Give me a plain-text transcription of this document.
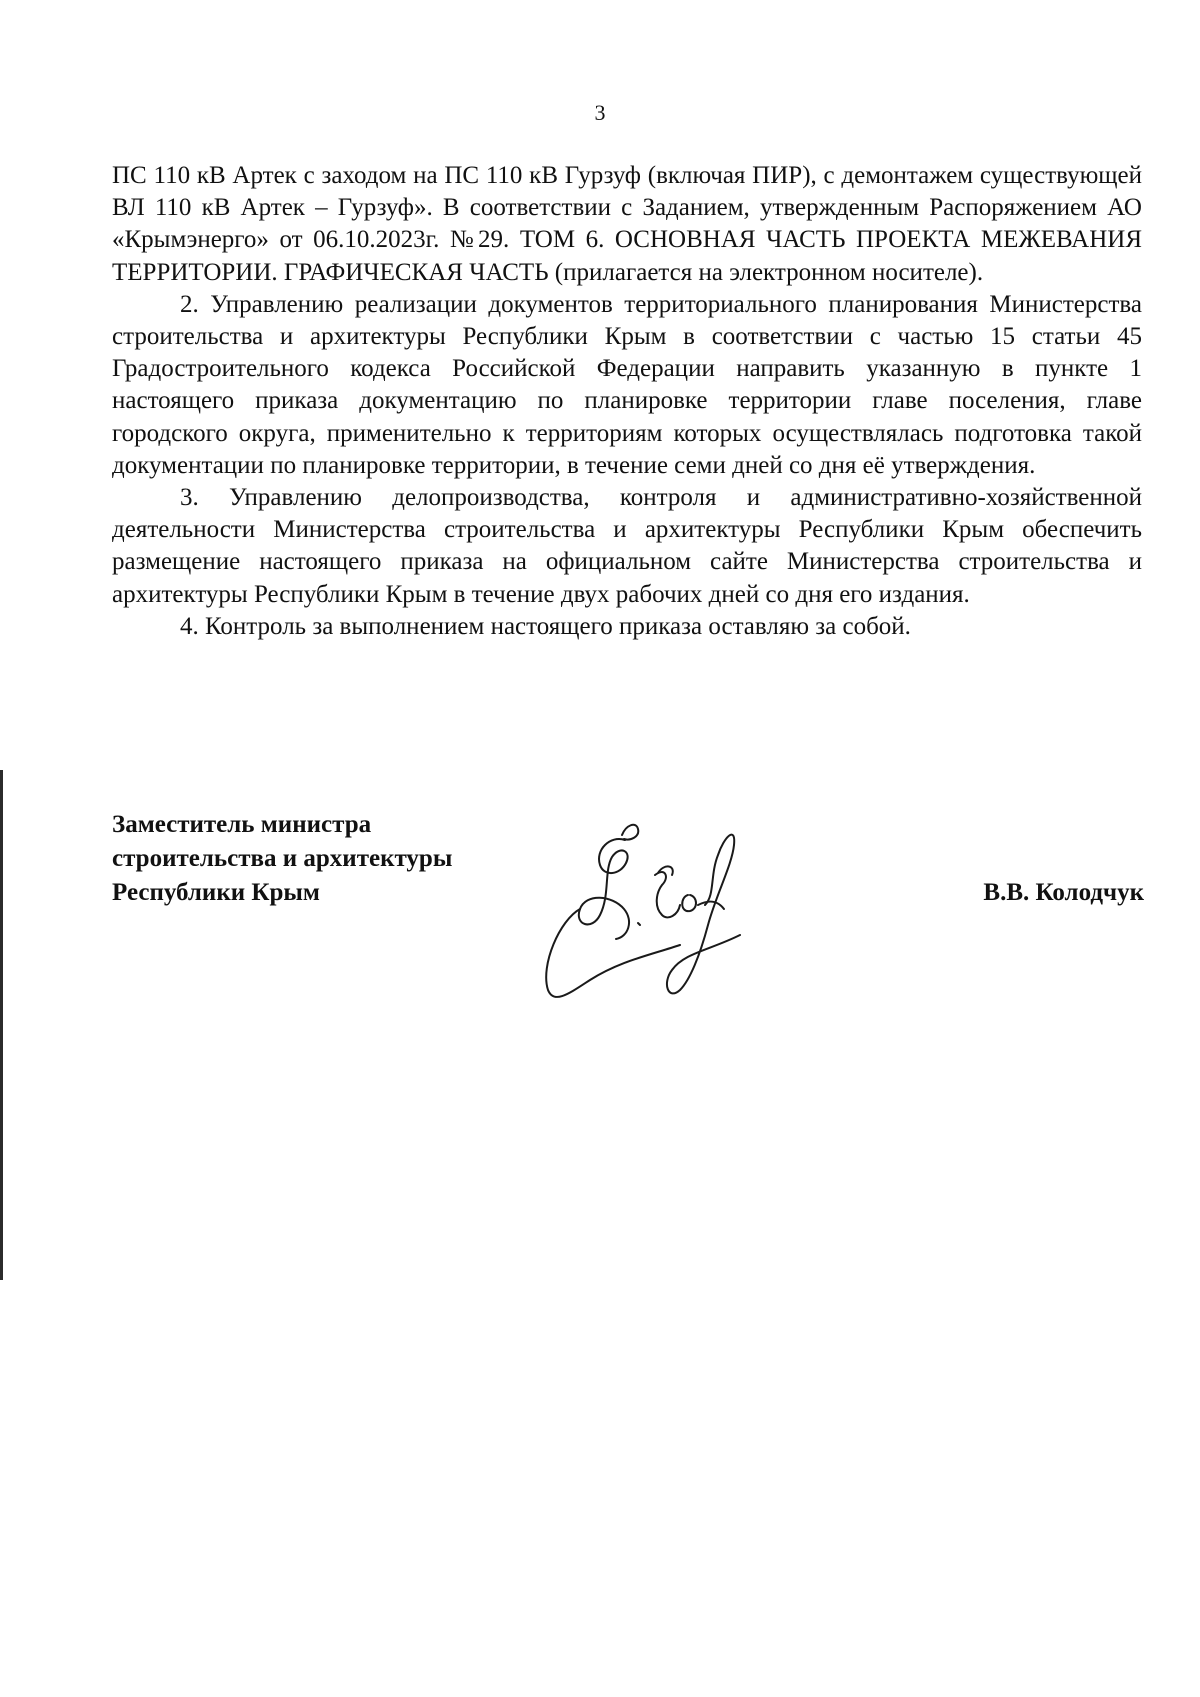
3

ПС 110 кВ Артек с заходом на ПС 110 кВ Гурзуф (включая ПИР), с демонтажем существующей ВЛ 110 кВ Артек – Гурзуф». В соответствии с Заданием, утвержденным Распоряжением АО «Крымэнерго» от 06.10.2023г. №29. ТОМ 6. ОСНОВНАЯ ЧАСТЬ ПРОЕКТА МЕЖЕВАНИЯ ТЕРРИТОРИИ. ГРАФИЧЕСКАЯ ЧАСТЬ (прилагается на электронном носителе).

2. Управлению реализации документов территориального планирования Министерства строительства и архитектуры Республики Крым в соответствии с частью 15 статьи 45 Градостроительного кодекса Российской Федерации направить указанную в пункте 1 настоящего приказа документацию по планировке территории главе поселения, главе городского округа, применительно к территориям которых осуществлялась подготовка такой документации по планировке территории, в течение семи дней со дня её утверждения.

3. Управлению делопроизводства, контроля и административно-хозяйственной деятельности Министерства строительства и архитектуры Республики Крым обеспечить размещение настоящего приказа на официальном сайте Министерства строительства и архитектуры Республики Крым в течение двух рабочих дней со дня его издания.

4. Контроль за выполнением настоящего приказа оставляю за собой.

Заместитель министра
строительства и архитектуры
Республики Крым	В.В. Колодчук
